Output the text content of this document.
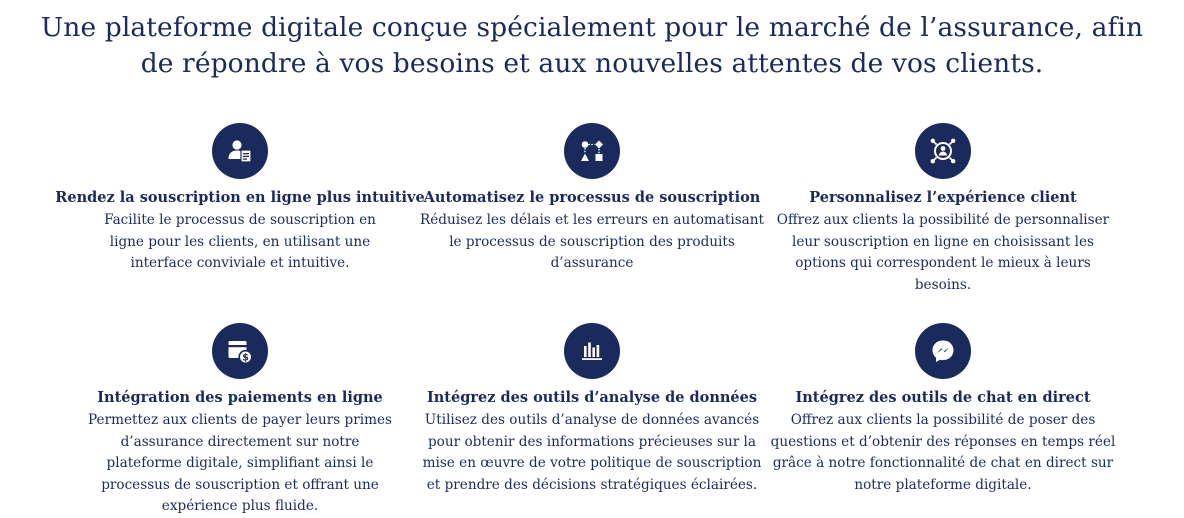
Une plateforme digitale conçue spécialement pour le marché de l’assurance, afin de répondre à vos besoins et aux nouvelles attentes de vos clients.
Rendez la souscription en ligne plus intuitive

Facilite le processus de souscription en ligne pour les clients, en utilisant une interface conviviale et intuitive.

Automatisez le processus de souscription

Réduisez les délais et les erreurs en automatisant le processus de souscription des produits d’assurance

Personnalisez l’expérience client

Offrez aux clients la possibilité de personnaliser leur souscription en ligne en choisissant les options qui correspondent le mieux à leurs besoins.

$
Intégration des paiements en ligne

Permettez aux clients de payer leurs primes d’assurance directement sur notre plateforme digitale, simplifiant ainsi le processus de souscription et offrant une expérience plus fluide.

Intégrez des outils d’analyse de données

Utilisez des outils d’analyse de données avancés pour obtenir des informations précieuses sur la mise en œuvre de votre politique de souscription et prendre des décisions stratégiques éclairées.

Intégrez des outils de chat en direct

Offrez aux clients la possibilité de poser des questions et d’obtenir des réponses en temps réel grâce à notre fonctionnalité de chat en direct sur notre plateforme digitale.
